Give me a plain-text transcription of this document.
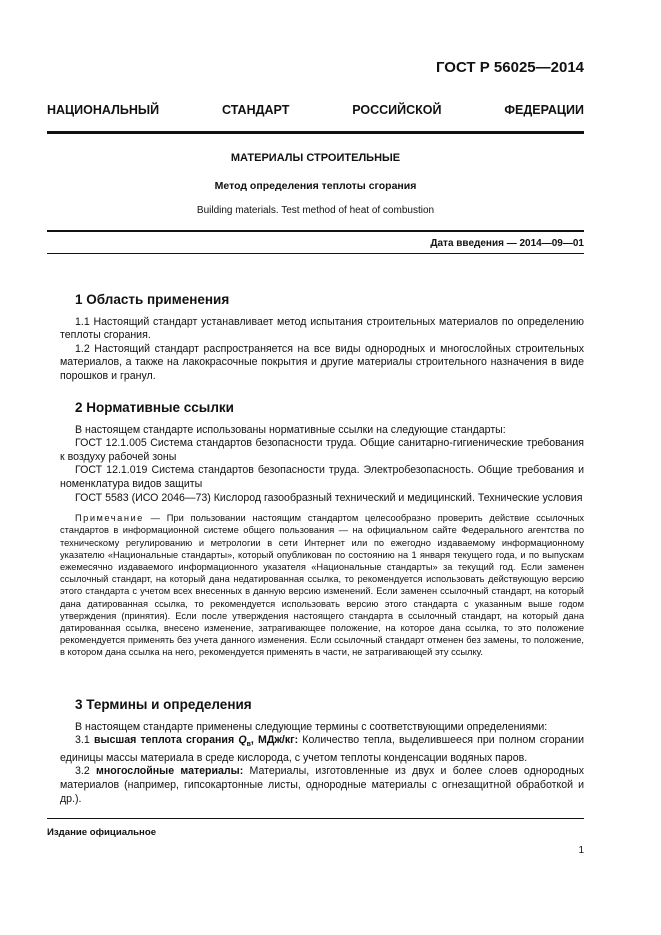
ГОСТ Р 56025—2014
НАЦИОНАЛЬНЫЙ СТАНДАРТ РОССИЙСКОЙ ФЕДЕРАЦИИ
МАТЕРИАЛЫ СТРОИТЕЛЬНЫЕ
Метод определения теплоты сгорания
Building materials. Test method of heat of combustion
Дата введения — 2014—09—01
1 Область применения

1.1 Настоящий стандарт устанавливает метод испытания строительных материалов по определению теплоты сгорания.

1.2 Настоящий стандарт распространяется на все виды однородных и многослойных строительных материалов, а также на лакокрасочные покрытия и другие материалы строительного назначения в виде порошков и гранул.

2 Нормативные ссылки

В настоящем стандарте использованы нормативные ссылки на следующие стандарты:

ГОСТ 12.1.005 Система стандартов безопасности труда. Общие санитарно-гигиенические требования к воздуху рабочей зоны

ГОСТ 12.1.019 Система стандартов безопасности труда. Электробезопасность. Общие требования и номенклатура видов защиты

ГОСТ 5583 (ИСО 2046—73) Кислород газообразный технический и медицинский. Технические условия

Примечание — При пользовании настоящим стандартом целесообразно проверить действие ссылочных стандартов в информационной системе общего пользования — на официальном сайте Федерального агентства по техническому регулированию и метрологии в сети Интернет или по ежегодно издаваемому информационному указателю «Национальные стандарты», который опубликован по состоянию на 1 января текущего года, и по выпускам ежемесячно издаваемого информационного указателя «Национальные стандарты» за текущий год. Если заменен ссылочный стандарт, на который дана недатированная ссылка, то рекомендуется использовать действующую версию этого стандарта с учетом всех внесенных в данную версию изменений. Если заменен ссылочный стандарт, на который дана датированная ссылка, то рекомендуется использовать версию этого стандарта с указанным выше годом утверждения (принятия). Если после утверждения настоящего стандарта в ссылочный стандарт, на который дана датированная ссылка, внесено изменение, затрагивающее положение, на которое дана ссылка, то это положение рекомендуется применять без учета данного изменения. Если ссылочный стандарт отменен без замены, то положение, в котором дана ссылка на него, рекомендуется применять в части, не затрагивающей эту ссылку.

3 Термины и определения

В настоящем стандарте применены следующие термины с соответствующими определениями:

3.1 высшая теплота сгорания $Q_в$, МДж/кг: Количество тепла, выделившееся при полном сгорании единицы массы материала в среде кислорода, с учетом теплоты конденсации водяных паров.

3.2 многослойные материалы: Материалы, изготовленные из двух и более слоев однородных материалов (например, гипсокартонные листы, однородные материалы с огнезащитной обработкой и др.).

Издание официальное
1
